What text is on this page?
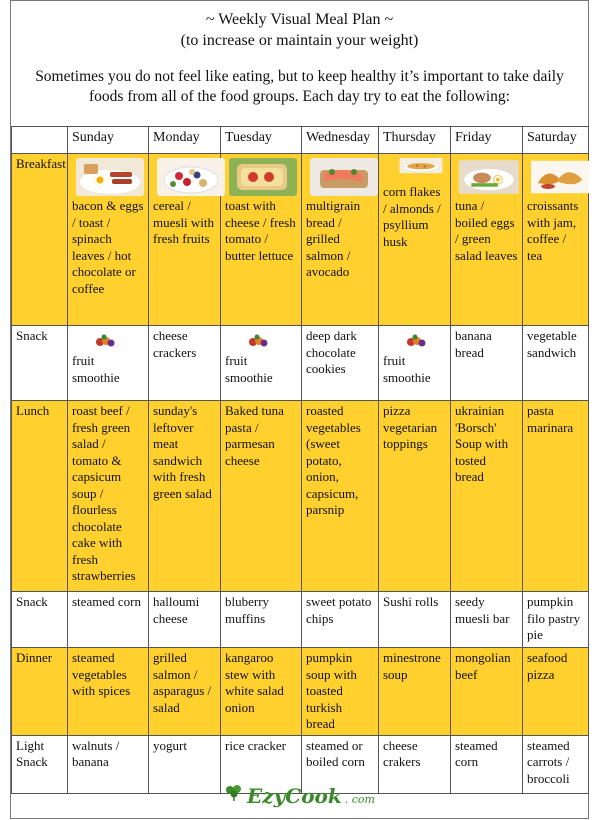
~ Weekly Visual Meal Plan ~
(to increase or maintain your weight)
Sometimes you do not feel like eating, but to keep healthy it’s important to take daily foods from all of the food groups. Each day try to eat the following:
	Sunday	Monday	Tuesday	Wednesday	Thursday	Friday	Saturday
Breakfast	bacon & eggs / toast / spinach leaves / hot chocolate or coffee	cereal / muesli with fresh fruits	toast with cheese / fresh tomato / butter lettuce	multigrain bread / grilled salmon / avocado	corn flakes / almonds / psyllium husk	tuna / boiled eggs / green salad leaves	croissants with jam, coffee / tea
Snack	fruit smoothie	cheese crackers	fruit smoothie	deep dark chocolate cookies	fruit smoothie	banana bread	vegetable sandwich
Lunch	roast beef / fresh green salad / tomato & capsicum soup / flourless chocolate cake with fresh strawberries	sunday's leftover meat sandwich with fresh green salad	Baked tuna pasta / parmesan cheese	roasted vegetables (sweet potato, onion, capsicum, parsnip	pizza vegetarian toppings	ukrainian 'Borsch' Soup with tosted bread	pasta marinara
Snack	steamed corn	halloumi cheese	bluberry muffins	sweet potato chips	Sushi rolls	seedy muesli bar	pumpkin filo pastry pie
Dinner	steamed vegetables with spices	grilled salmon / asparagus / salad	kangaroo stew with white salad onion	pumpkin soup with toasted turkish bread	minestrone soup	mongolian beef	seafood pizza
Light Snack	walnuts / banana	yogurt	rice cracker	steamed or boiled corn	cheese crakers	steamed corn	steamed carrots / broccoli
EzyCook . com
